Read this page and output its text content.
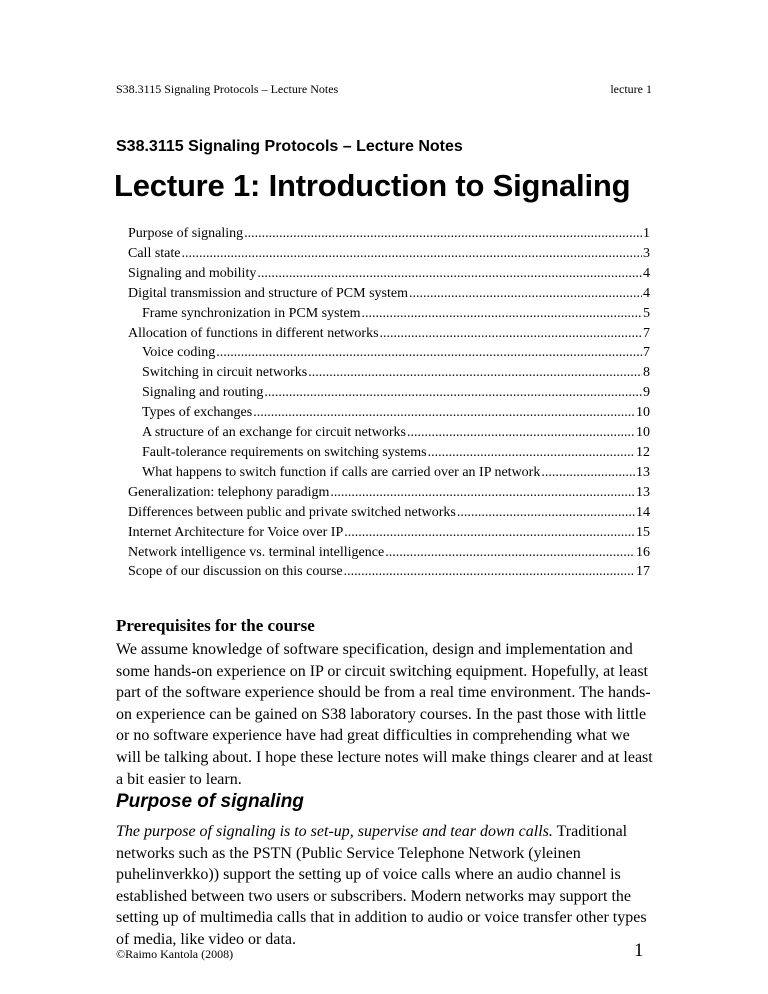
S38.3115 Signaling Protocols – Lecture Notes	lecture 1
S38.3115 Signaling Protocols – Lecture Notes
Lecture 1: Introduction to Signaling
Purpose of signaling .....	1
Call state .....	3
Signaling and mobility .....	4
Digital transmission and structure of PCM system .....	4
Frame synchronization in PCM system .....	5
Allocation of functions in different networks .....	7
Voice coding .....	7
Switching in circuit networks .....	8
Signaling and routing .....	9
Types of exchanges .....	10
A structure of an exchange for circuit networks .....	10
Fault-tolerance requirements on switching systems .....	12
What happens to switch function if calls are carried over an IP network .....	13
Generalization: telephony paradigm .....	13
Differences between public and private switched networks .....	14
Internet Architecture for Voice over IP .....	15
Network intelligence vs. terminal intelligence .....	16
Scope of our discussion on this course .....	17
Prerequisites for the course
We assume knowledge of software specification, design and implementation and some hands-on experience on IP or circuit switching equipment. Hopefully, at least part of the software experience should be from a real time environment. The hands-on experience can be gained on S38 laboratory courses. In the past those with little or no software experience have had great difficulties in comprehending what we will be talking about. I hope these lecture notes will make things clearer and at least a bit easier to learn.
Purpose of signaling
The purpose of signaling is to set-up, supervise and tear down calls. Traditional networks such as the PSTN (Public Service Telephone Network (yleinen puhelinverkko)) support the setting up of voice calls where an audio channel is established between two users or subscribers. Modern networks may support the setting up of multimedia calls that in addition to audio or voice transfer other types of media, like video or data.
©Raimo Kantola (2008)	1
